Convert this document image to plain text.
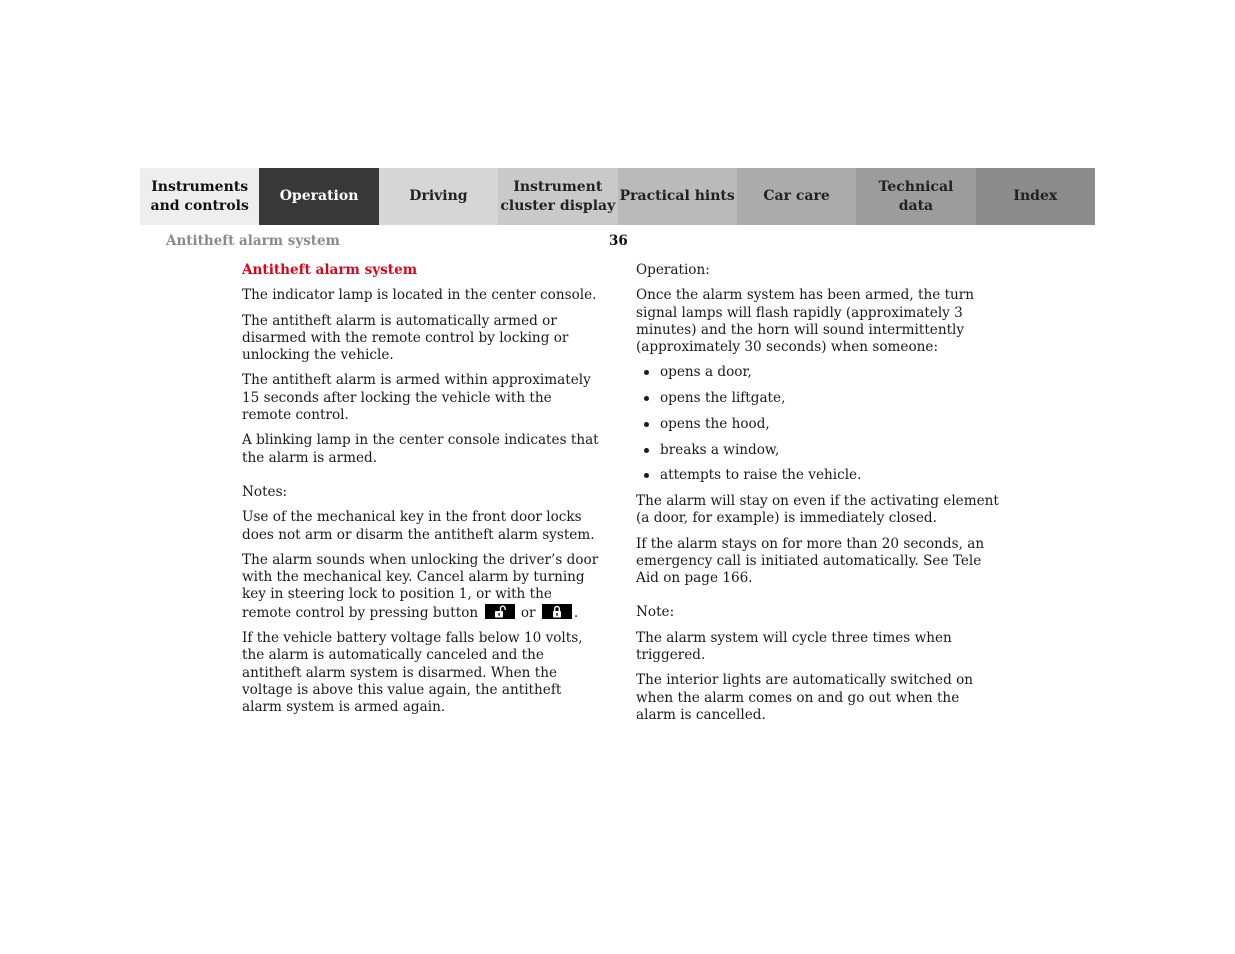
Instruments
and controls
Operation	Driving
Instrument
cluster display
Practical hints	Car care
Technical
data
Index
Antitheft alarm system	36

Antitheft alarm system

The indicator lamp is located in the center console.

The antitheft alarm is automatically armed or disarmed with the remote control by locking or unlocking the vehicle.

The antitheft alarm is armed within approximately 15 seconds after locking the vehicle with the remote control.

A blinking lamp in the center console indicates that the alarm is armed.

Notes:

Use of the mechanical key in the front door locks does not arm or disarm the antitheft alarm system.

The alarm sounds when unlocking the driver’s door with the mechanical key. Cancel alarm by turning key in steering lock to position 1, or with the remote control by pressing button	or	.

If the vehicle battery voltage falls below 10 volts, the alarm is automatically canceled and the antitheft alarm system is disarmed. When the voltage is above this value again, the antitheft alarm system is armed again.

Operation:

Once the alarm system has been armed, the turn signal lamps will flash rapidly (approximately 3 minutes) and the horn will sound intermittently (approximately 30 seconds) when someone:

opens a door,
opens the liftgate,
opens the hood,
breaks a window,
attempts to raise the vehicle.

The alarm will stay on even if the activating element (a door, for example) is immediately closed.

If the alarm stays on for more than 20 seconds, an emergency call is initiated automatically. See Tele Aid on page 166.

Note:

The alarm system will cycle three times when triggered.

The interior lights are automatically switched on when the alarm comes on and go out when the alarm is cancelled.
